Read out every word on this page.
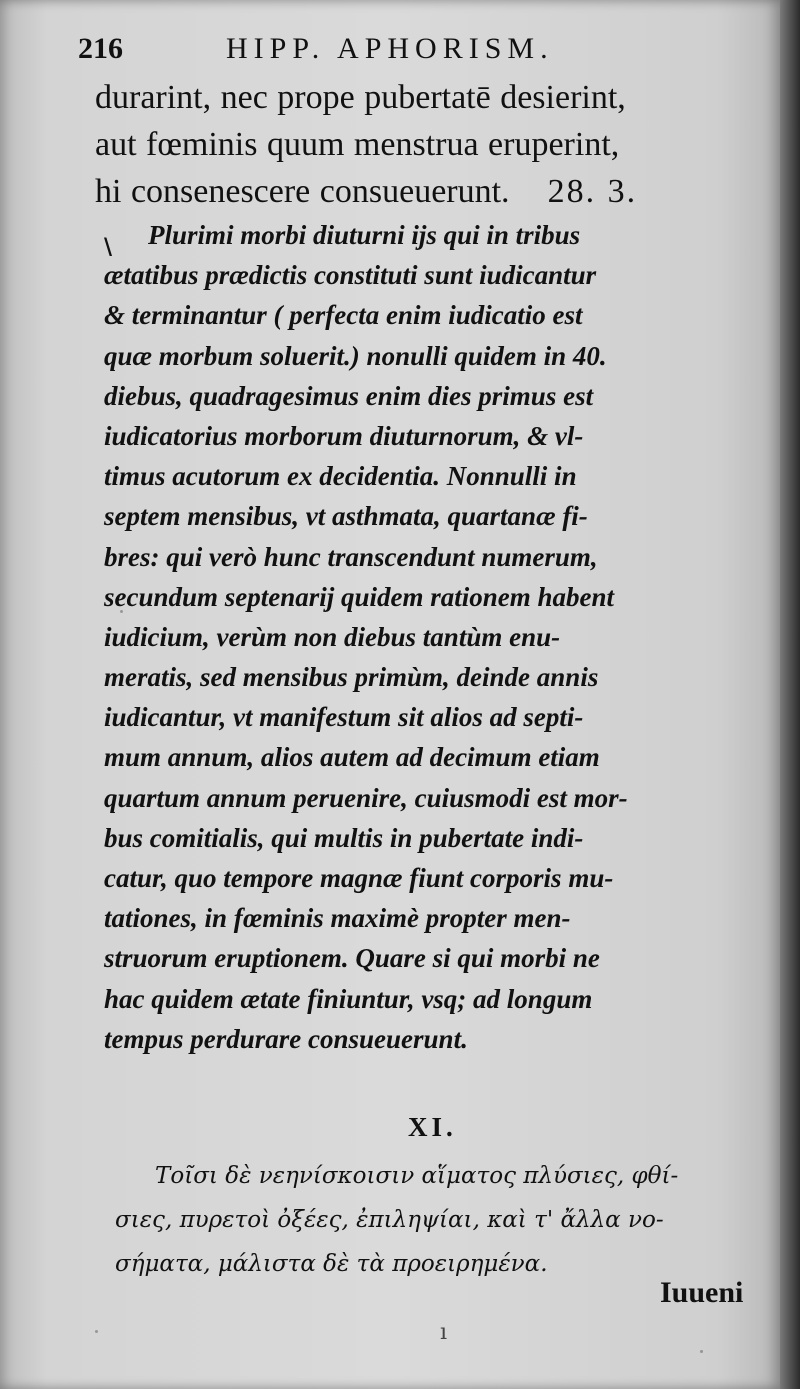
216	HIPP. APHORISM.
durarint, nec prope pubertatē desierint,
aut fœminis quum menstrua eruperint,
hi consenescere consueuerunt. 28. 3.
\	Plurimi morbi diuturni ijs qui in tribus
ætatibus prædictis constituti sunt iudicantur
& terminantur ( perfecta enim iudicatio est
quæ morbum soluerit.) nonulli quidem in 40.
diebus, quadragesimus enim dies primus est
iudicatorius morborum diuturnorum, & vl-
timus acutorum ex decidentia. Nonnulli in
septem mensibus, vt asthmata, quartanæ fi-
bres: qui verò hunc transcendunt numerum,
secundum septenarij quidem rationem habent
iudicium, verùm non diebus tantùm enu-
meratis, sed mensibus primùm, deinde annis
iudicantur, vt manifestum sit alios ad septi-
mum annum, alios autem ad decimum etiam
quartum annum peruenire, cuiusmodi est mor-
bus comitialis, qui multis in pubertate indi-
catur, quo tempore magnæ fiunt corporis mu-
tationes, in fœminis maximè propter men-
struorum eruptionem. Quare si qui morbi ne
hac quidem ætate finiuntur, vsq; ad longum
tempus perdurare consueuerunt.
XI.
Τοῖσι δὲ νεηνίσκοισιν αἵματος πλύσιες, φθί-
σιες, πυρετοὶ ὀξέες, ἐπιληψίαι, καὶ τ' ἄλλα νο-
σήματα, μάλιστα δὲ τὰ προειρημένα.
Iuueni
ı
